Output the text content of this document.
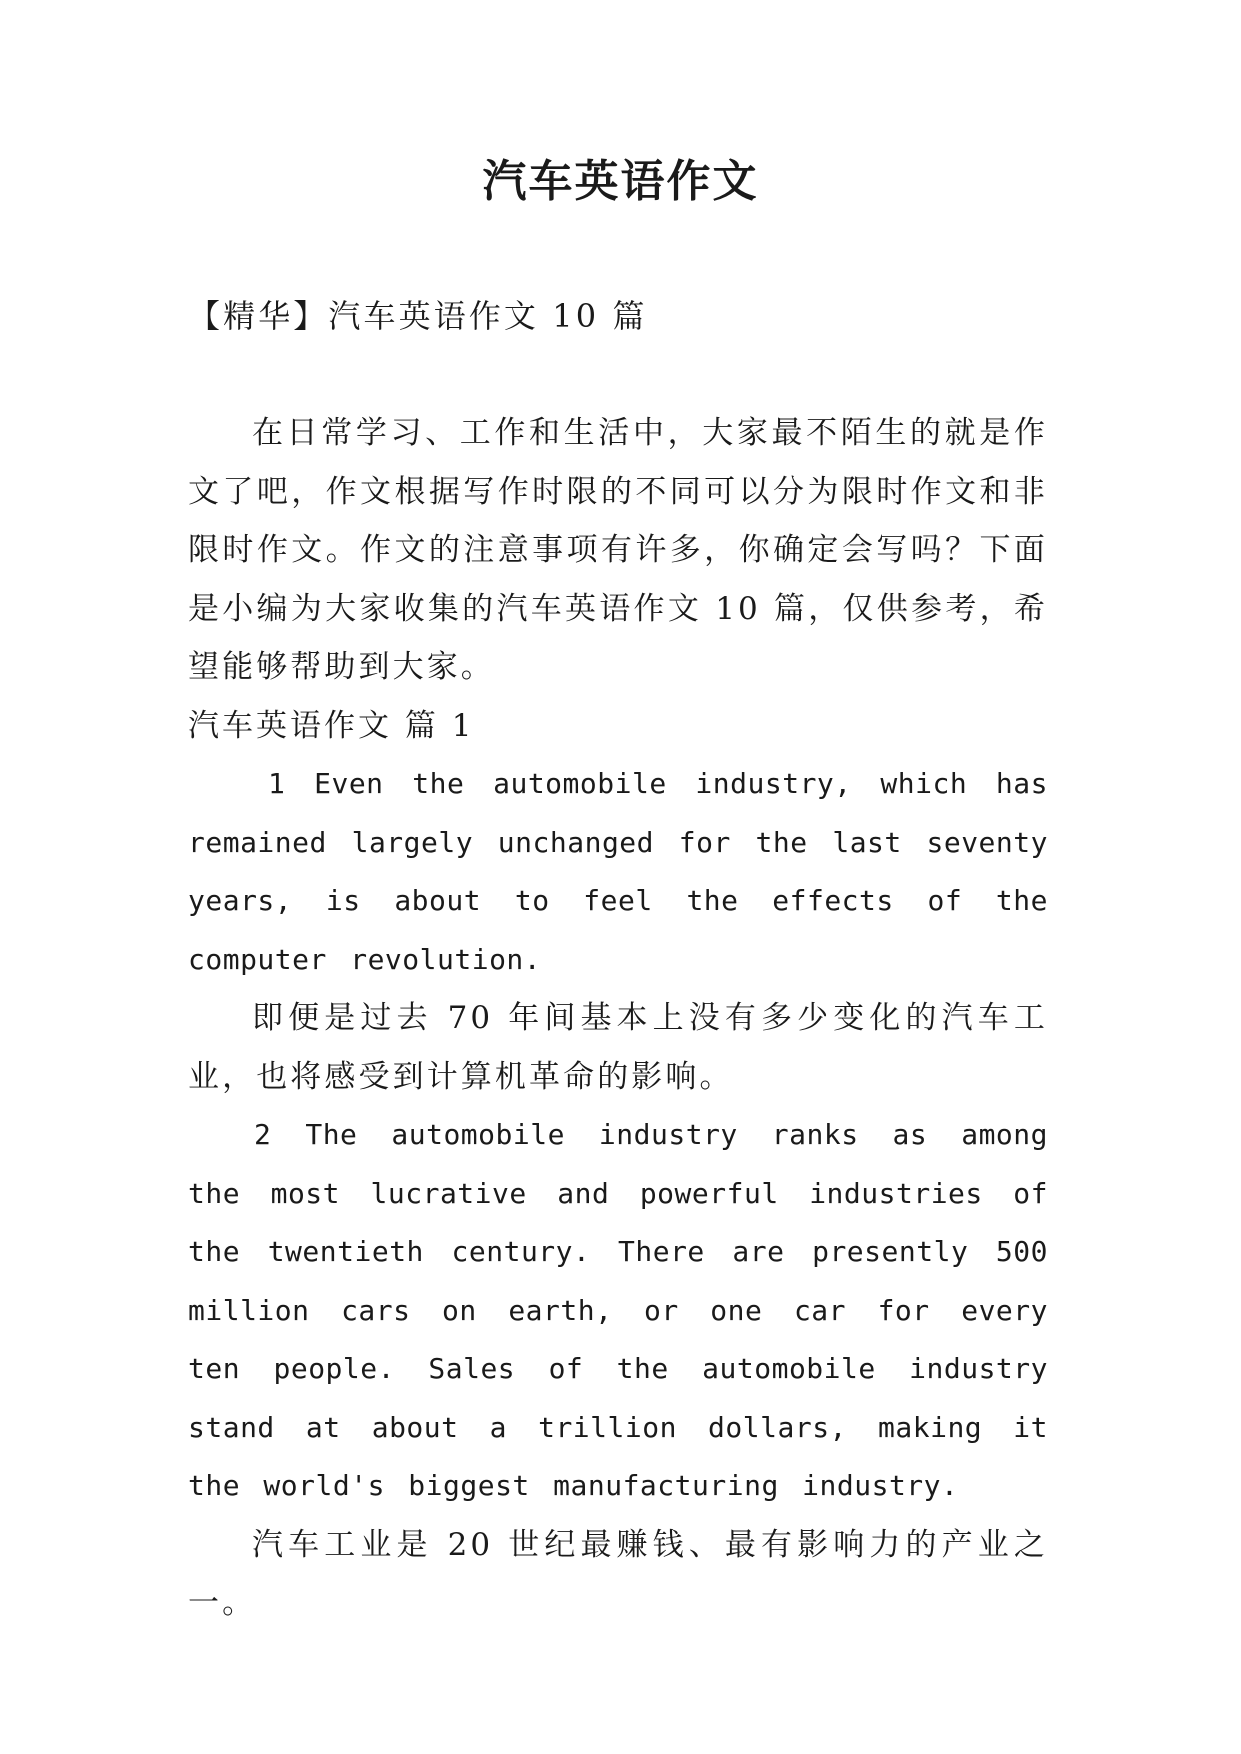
汽车英语作文
【精华】汽车英语作文 10 篇

在日常学习、工作和生活中，大家最不陌生的就是作文了吧，作文根据写作时限的不同可以分为限时作文和非限时作文。作文的注意事项有许多，你确定会写吗？下面是小编为大家收集的汽车英语作文 10 篇，仅供参考，希望能够帮助到大家。

汽车英语作文 篇 1

1 Even the automobile industry, which has remained largely unchanged for the last seventy years, is about to feel the effects of the computer revolution.

即便是过去 70 年间基本上没有多少变化的汽车工业，也将感受到计算机革命的影响。

2 The automobile industry ranks as among the most lucrative and powerful industries of the twentieth century. There are presently 500 million cars on earth, or one car for every ten people. Sales of the automobile industry stand at about a trillion dollars, making it the world's biggest manufacturing industry.

汽车工业是 20 世纪最赚钱、最有影响力的产业之一。
